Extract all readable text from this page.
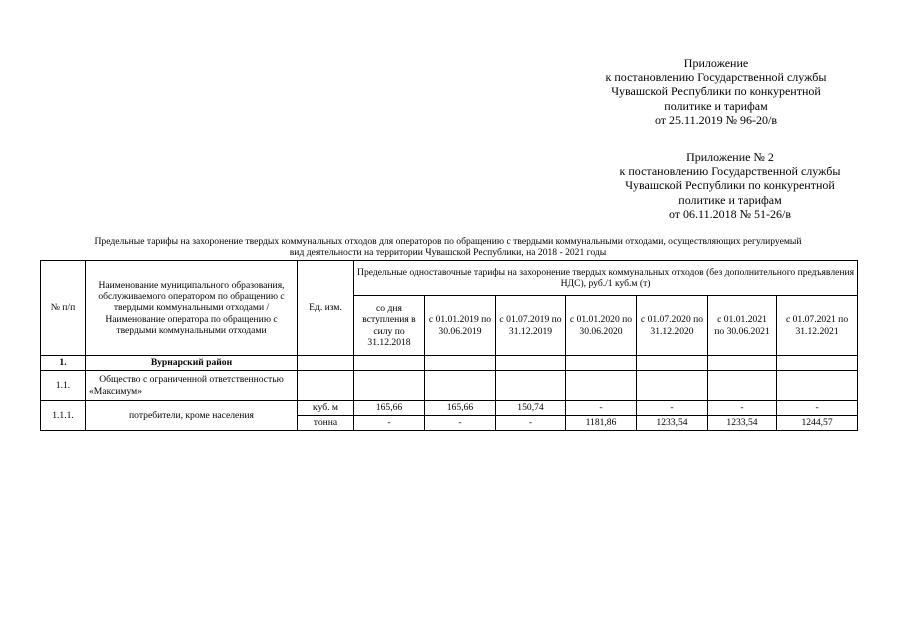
Приложение
к постановлению Государственной службы
Чувашской Республики по конкурентной
политике и тарифам
от 25.11.2019 № 96-20/в
Приложение № 2
к постановлению Государственной службы
Чувашской Республики по конкурентной
политике и тарифам
от 06.11.2018 № 51-26/в
Предельные тарифы на захоронение твердых коммунальных отходов для операторов по обращению с твердыми коммунальными отходами, осуществляющих регулируемый
вид деятельности на территории Чувашской Республики, на 2018 - 2021 годы
№ п/п	Наименование муниципального образования, обслуживаемого оператором по обращению с твердыми коммунальными отходами / Наименование оператора по обращению с твердыми коммунальными отходами	Ед. изм.	Предельные одноставочные тарифы на захоронение твердых коммунальных отходов (без дополнительного предъявления НДС), руб./1 куб.м (т)						
			со дня вступления в силу по 31.12.2018	с 01.01.2019 по 30.06.2019	с 01.07.2019 по 31.12.2019	с 01.01.2020 по 30.06.2020	с 01.07.2020 по 31.12.2020	с 01.01.2021 по 30.06.2021	с 01.07.2021 по 31.12.2021
1.	Вурнарский район								
1.1.	Общество с ограниченной ответственностью «Максимум»								
1.1.1.	потребители, кроме населения	куб. м	165,66	165,66	150,74	-	-	-	-
		тонна	-	-	-	1181,86	1233,54	1233,54	1244,57
